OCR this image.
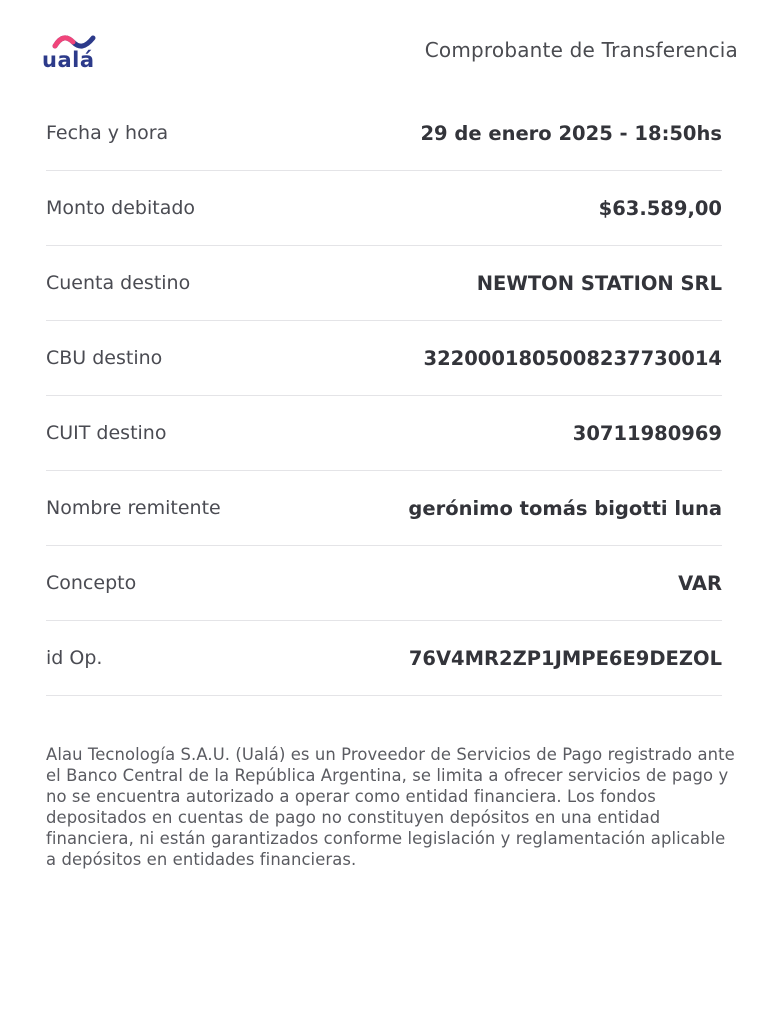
ualá	Comprobante de Transferencia
Fecha y hora	29 de enero 2025 - 18:50hs
Monto debitado	$63.589,00
Cuenta destino	NEWTON STATION SRL
CBU destino	3220001805008237730014
CUIT destino	30711980969
Nombre remitente	gerónimo tomás bigotti luna
Concepto	VAR
id Op.	76V4MR2ZP1JMPE6E9DEZOL
Alau Tecnología S.A.U. (Ualá) es un Proveedor de Servicios de Pago registrado ante el Banco Central de la República Argentina, se limita a ofrecer servicios de pago y no se encuentra autorizado a operar como entidad financiera. Los fondos depositados en cuentas de pago no constituyen depósitos en una entidad financiera, ni están garantizados conforme legislación y reglamentación aplicable a depósitos en entidades financieras.
